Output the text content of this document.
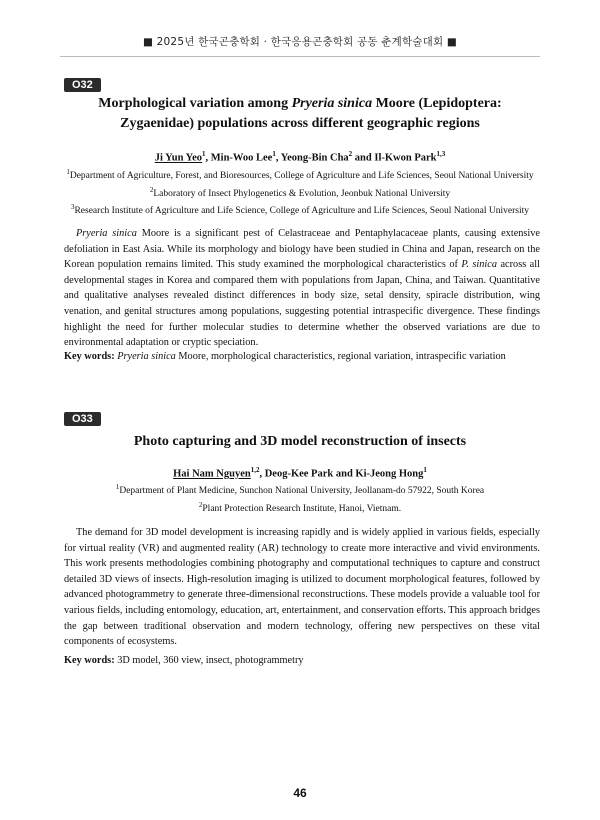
■ 2025년 한국곤충학회 · 한국응용곤충학회 공동 춘계학술대회 ■
O32
Morphological variation among Pryeria sinica Moore (Lepidoptera: Zygaenidae) populations across different geographic regions
Ji Yun Yeo$^1$, Min-Woo Lee$^1$, Yeong-Bin Cha$^2$ and Il-Kwon Park$^{1,3}$
$^1$Department of Agriculture, Forest, and Bioresources, College of Agriculture and Life Sciences, Seoul National University
$^2$Laboratory of Insect Phylogenetics & Evolution, Jeonbuk National University
$^3$Research Institute of Agriculture and Life Science, College of Agriculture and Life Sciences, Seoul National University

Pryeria sinica Moore is a significant pest of Celastraceae and Pentaphylacaceae plants, causing extensive defoliation in East Asia. While its morphology and biology have been studied in China and Japan, research on the Korean population remains limited. This study examined the morphological characteristics of P. sinica across all developmental stages in Korea and compared them with populations from Japan, China, and Taiwan. Quantitative and qualitative analyses revealed distinct differences in body size, setal density, spiracle distribution, wing venation, and genital structures among populations, suggesting potential intraspecific divergence. These findings highlight the need for further molecular studies to determine whether the observed variations are due to environmental adaptation or cryptic speciation.

Key words: Pryeria sinica Moore, morphological characteristics, regional variation, intraspecific variation

O33
Photo capturing and 3D model reconstruction of insects
Hai Nam Nguyen$^{1,2}$, Deog-Kee Park and Ki-Jeong Hong$^1$
$^1$Department of Plant Medicine, Sunchon National University, Jeollanam-do 57922, South Korea
$^2$Plant Protection Research Institute, Hanoi, Vietnam.

The demand for 3D model development is increasing rapidly and is widely applied in various fields, especially for virtual reality (VR) and augmented reality (AR) technology to create more interactive and vivid environments. This work presents methodologies combining photography and computational techniques to capture and construct detailed 3D views of insects. High-resolution imaging is utilized to document morphological features, followed by advanced photogrammetry to generate three-dimensional reconstructions. These models provide a valuable tool for various fields, including entomology, education, art, entertainment, and conservation efforts. This approach bridges the gap between traditional observation and modern technology, offering new perspectives on these vital components of ecosystems.

Key words: 3D model, 360 view, insect, photogrammetry

46
